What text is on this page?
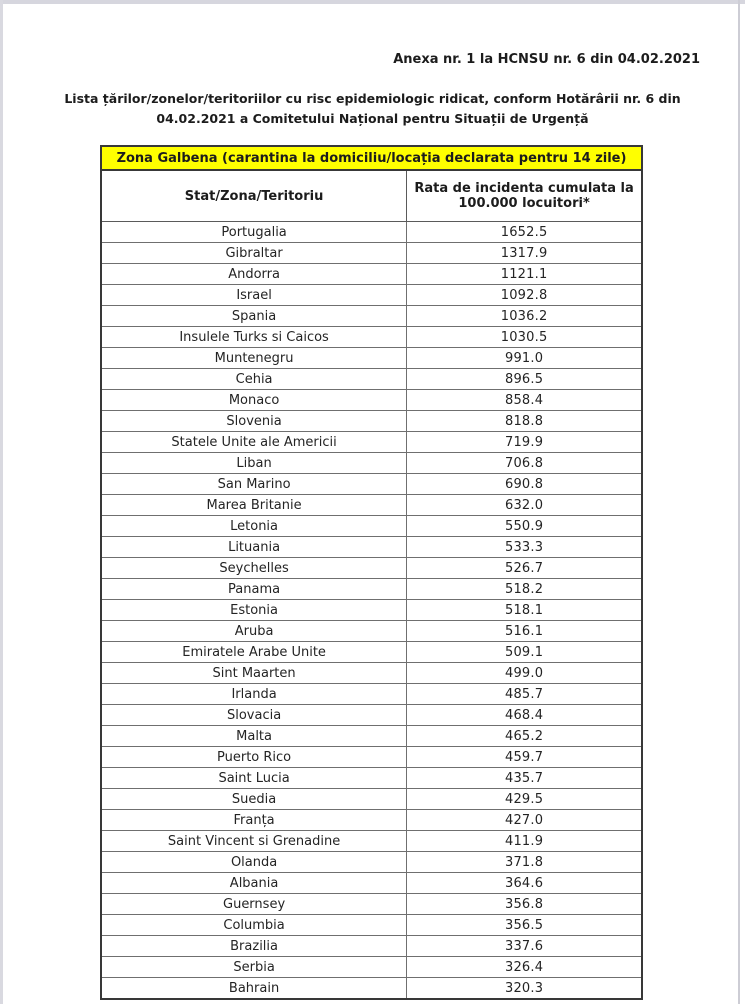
Anexa nr. 1 la HCNSU nr. 6 din 04.02.2021
Lista țărilor/zonelor/teritoriilor cu risc epidemiologic ridicat, conform Hotărârii nr. 6 din
04.02.2021 a Comitetului Național pentru Situații de Urgență
Zona Galbena (carantina la domiciliu/locația declarata pentru 14 zile)	
Stat/Zona/Teritoriu	Rata de incidenta cumulata la 100.000 locuitori*
Portugalia	1652.5
Gibraltar	1317.9
Andorra	1121.1
Israel	1092.8
Spania	1036.2
Insulele Turks si Caicos	1030.5
Muntenegru	991.0
Cehia	896.5
Monaco	858.4
Slovenia	818.8
Statele Unite ale Americii	719.9
Liban	706.8
San Marino	690.8
Marea Britanie	632.0
Letonia	550.9
Lituania	533.3
Seychelles	526.7
Panama	518.2
Estonia	518.1
Aruba	516.1
Emiratele Arabe Unite	509.1
Sint Maarten	499.0
Irlanda	485.7
Slovacia	468.4
Malta	465.2
Puerto Rico	459.7
Saint Lucia	435.7
Suedia	429.5
Franța	427.0
Saint Vincent si Grenadine	411.9
Olanda	371.8
Albania	364.6
Guernsey	356.8
Columbia	356.5
Brazilia	337.6
Serbia	326.4
Bahrain	320.3
